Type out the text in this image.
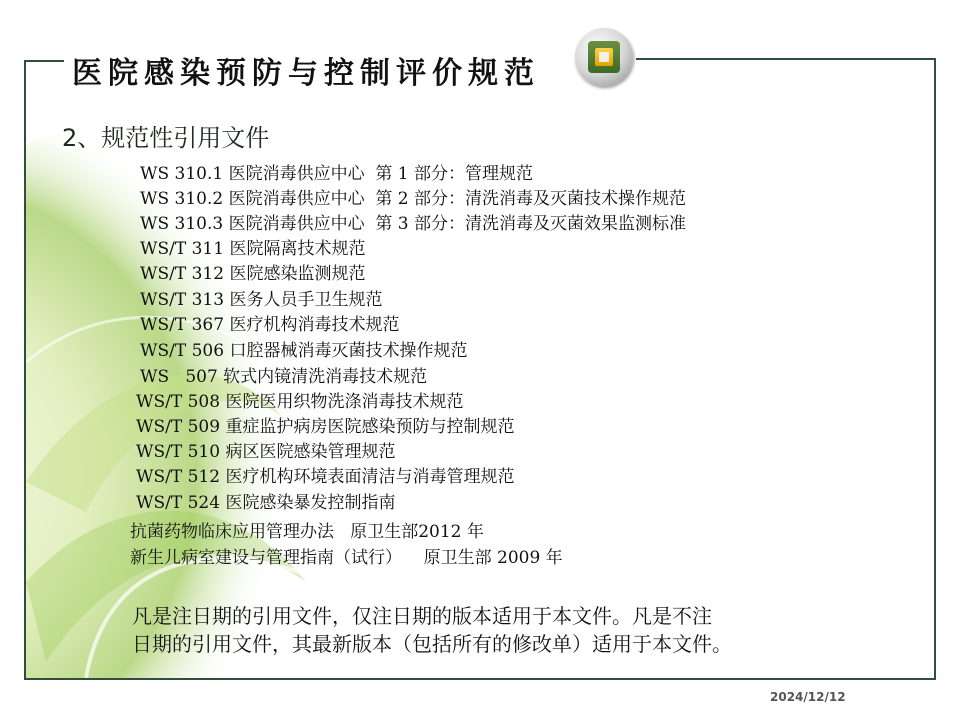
医院感染预防与控制评价规范
2、规范性引用文件
WS 310.1 医院消毒供应中心  第 1 部分：管理规范
WS 310.2 医院消毒供应中心  第 2 部分：清洗消毒及灭菌技术操作规范
WS 310.3 医院消毒供应中心  第 3 部分：清洗消毒及灭菌效果监测标准
WS/T 311 医院隔离技术规范
WS/T 312 医院感染监测规范
WS/T 313 医务人员手卫生规范
WS/T 367 医疗机构消毒技术规范
WS/T 506 口腔器械消毒灭菌技术操作规范
WS   507 软式内镜清洗消毒技术规范
WS/T 508 医院医用织物洗涤消毒技术规范
WS/T 509 重症监护病房医院感染预防与控制规范
WS/T 510 病区医院感染管理规范
WS/T 512 医疗机构环境表面清洁与消毒管理规范
WS/T 524 医院感染暴发控制指南
抗菌药物临床应用管理办法   原卫生部2012 年
新生儿病室建设与管理指南（试行）    原卫生部 2009 年
凡是注日期的引用文件，仅注日期的版本适用于本文件。凡是不注
日期的引用文件，其最新版本（包括所有的修改单）适用于本文件。
2024/12/12
